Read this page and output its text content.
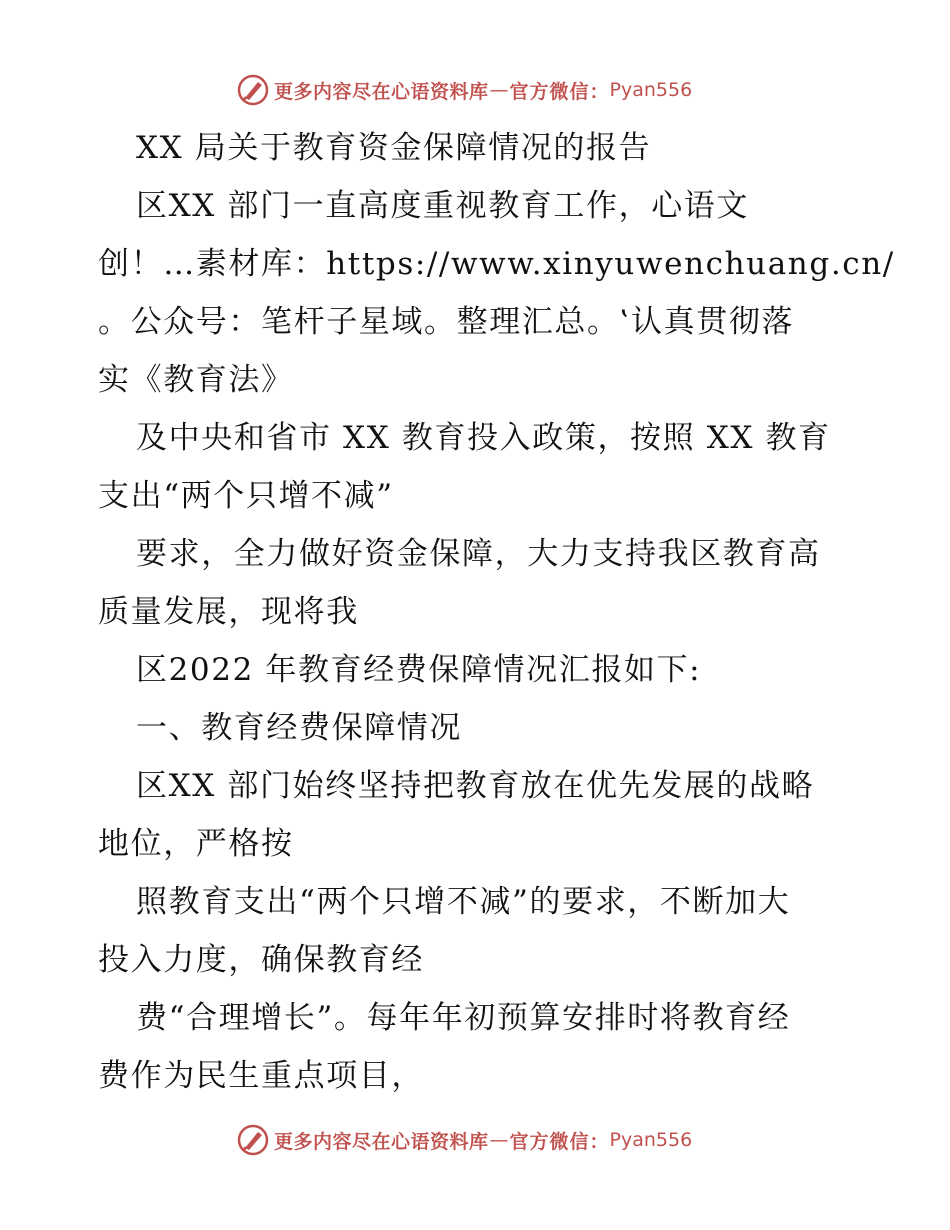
更多内容尽在心语资料库 — 官方微信： Pyan556
XX 局关于教育资金保障情况的报告
区XX 部门一直高度重视教育工作，心语文
创！…素材库：https://www.xinyuwenchuang.cn/
。公众号：笔杆子星域。整理汇总。‛认真贯彻落
实《教育法》
及中央和省市 XX 教育投入政策，按照 XX 教育
支出“两个只增不减”
要求，全力做好资金保障，大力支持我区教育高
质量发展，现将我
区2022 年教育经费保障情况汇报如下:
一、教育经费保障情况
区XX 部门始终坚持把教育放在优先发展的战略
地位，严格按
照教育支出“两个只增不减”的要求，不断加大
投入力度，确保教育经
费“合理增长”。每年年初预算安排时将教育经
费作为民生重点项目，
更多内容尽在心语资料库 — 官方微信： Pyan556
